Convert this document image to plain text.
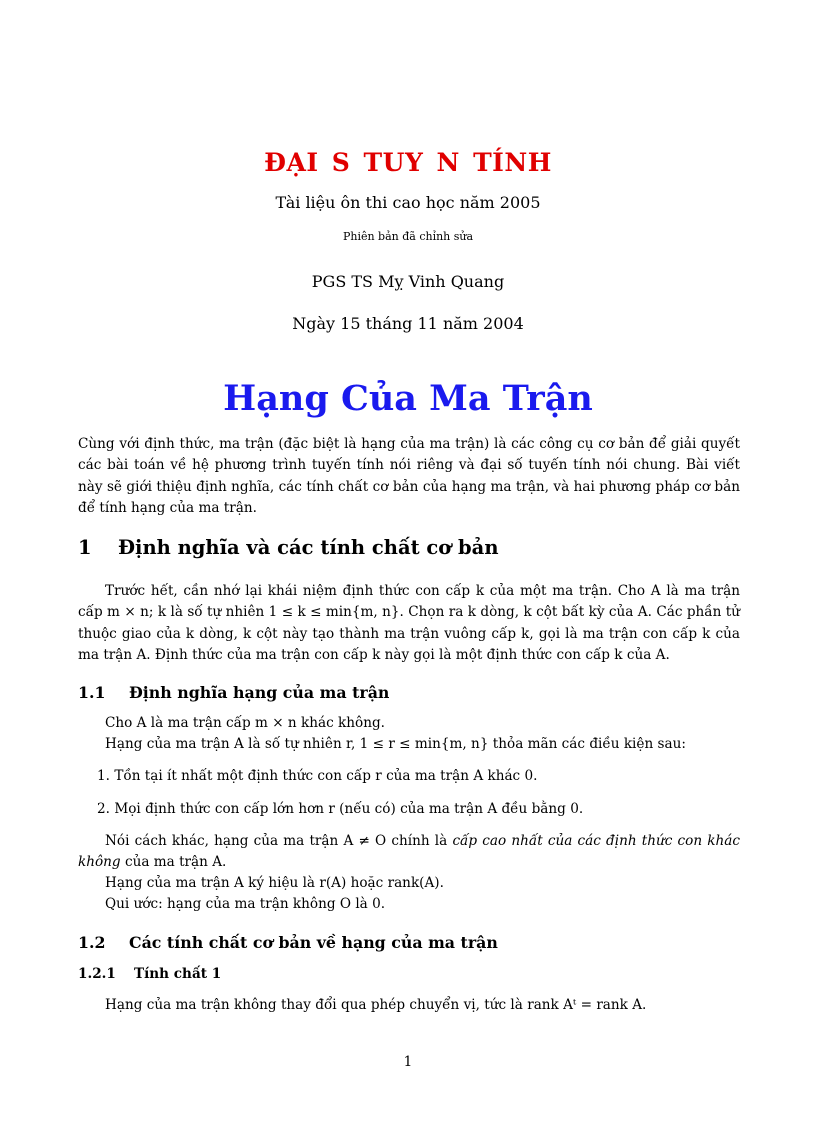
ĐẠI S TUY N TÍNH
Tài liệu ôn thi cao học năm 2005
Phiên bản đã chỉnh sửa
PGS TS Mỵ Vinh Quang
Ngày 15 tháng 11 năm 2004
Hạng Của Ma Trận
Cùng với định thức, ma trận (đặc biệt là hạng của ma trận) là các công cụ cơ bản để giải quyết các bài toán về hệ phương trình tuyến tính nói riêng và đại số tuyến tính nói chung. Bài viết này sẽ giới thiệu định nghĩa, các tính chất cơ bản của hạng ma trận, và hai phương pháp cơ bản để tính hạng của ma trận.
1 Định nghĩa và các tính chất cơ bản
Trước hết, cần nhớ lại khái niệm định thức con cấp k của một ma trận. Cho A là ma trận cấp m × n; k là số tự nhiên 1 ≤ k ≤ min{m, n}. Chọn ra k dòng, k cột bất kỳ của A. Các phần tử thuộc giao của k dòng, k cột này tạo thành ma trận vuông cấp k, gọi là ma trận con cấp k của ma trận A. Định thức của ma trận con cấp k này gọi là một định thức con cấp k của A.
1.1 Định nghĩa hạng của ma trận
Cho A là ma trận cấp m × n khác không.
Hạng của ma trận A là số tự nhiên r, 1 ≤ r ≤ min{m, n} thỏa mãn các điều kiện sau:
1. Tồn tại ít nhất một định thức con cấp r của ma trận A khác 0.
2. Mọi định thức con cấp lớn hơn r (nếu có) của ma trận A đều bằng 0.
Nói cách khác, hạng của ma trận A ≠ O chính là cấp cao nhất của các định thức con khác không của ma trận A.
Hạng của ma trận A ký hiệu là r(A) hoặc rank(A).
Qui ước: hạng của ma trận không O là 0.
1.2 Các tính chất cơ bản về hạng của ma trận
1.2.1 Tính chất 1
Hạng của ma trận không thay đổi qua phép chuyển vị, tức là rank Aᵗ = rank A.
1
